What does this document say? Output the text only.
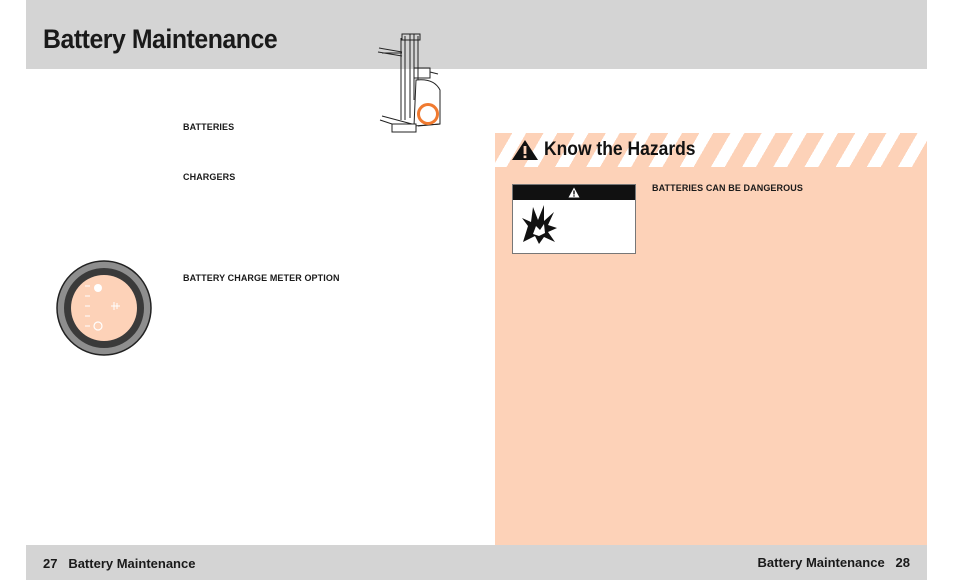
Battery Maintenance
BATTERIES
CHARGERS
BATTERY CHARGE METER OPTION
Know the Hazards
BATTERIES CAN BE DANGEROUS
27 Battery Maintenance	Battery Maintenance 28
